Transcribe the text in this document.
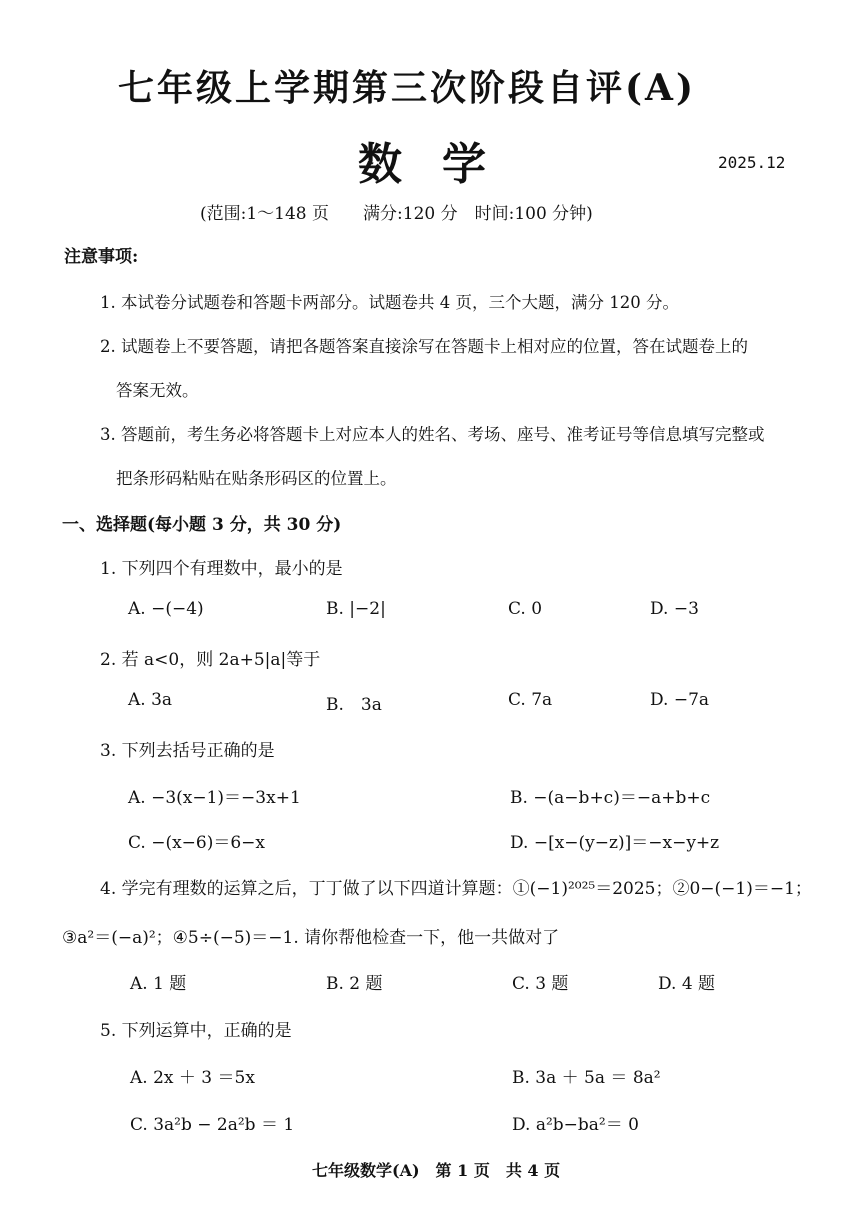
七年级上学期第三次阶段自评(A)
数学	2025.12
(范围:1～148 页　　满分:120 分　时间:100 分钟)
注意事项:
1. 本试卷分试题卷和答题卡两部分。试题卷共 4 页，三个大题，满分 120 分。
2. 试题卷上不要答题，请把各题答案直接涂写在答题卡上相对应的位置，答在试题卷上的
答案无效。
3. 答题前，考生务必将答题卡上对应本人的姓名、考场、座号、准考证号等信息填写完整或
把条形码粘贴在贴条形码区的位置上。
一、选择题(每小题 3 分，共 30 分)
1. 下列四个有理数中，最小的是
A. −(−4)	B. |−2|	C. 0	D. −3
2. 若 a<0，则 2a+5|a|等于
A. 3a	B.　3a	C. 7a	D. −7a
3. 下列去括号正确的是
A. −3(x−1)＝−3x+1	B. −(a−b+c)＝−a+b+c
C. −(x−6)＝6−x	D. −[x−(y−z)]＝−x−y+z
4. 学完有理数的运算之后，丁丁做了以下四道计算题：①(−1)²⁰²⁵＝2025；②0−(−1)＝−1；
③a²＝(−a)²；④5÷(−5)＝−1. 请你帮他检查一下，他一共做对了
A. 1 题	B. 2 题	C. 3 题	D. 4 题
5. 下列运算中，正确的是
A. 2x ＋ 3 ＝5x	B. 3a ＋ 5a ＝ 8a²
C. 3a²b − 2a²b ＝ 1	D. a²b−ba²＝ 0
七年级数学(A)　第 1 页　共 4 页
